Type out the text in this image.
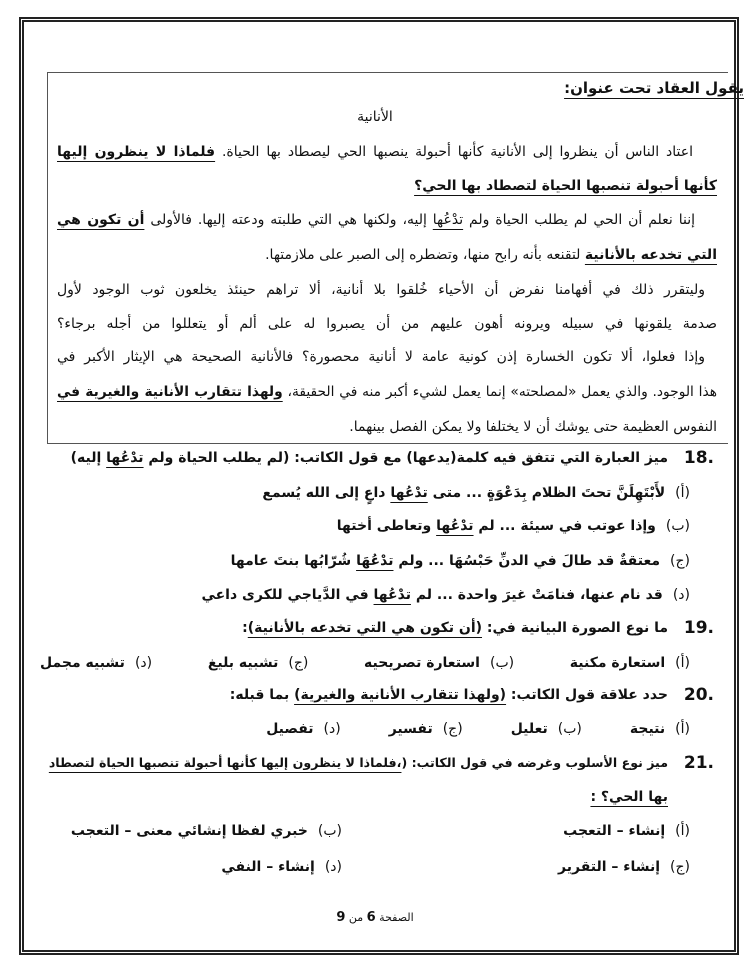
يقول العقاد تحت عنوان:
الأنانية
اعتاد الناس أن ينظروا إلى الأنانية كأنها أحبولة ينصبها الحي ليصطاد بها الحياة. فلماذا لا ينظرون إليها
كأنها أحبولة تنصبها الحياة لتصطاد بها الحي؟
إننا نعلم أن الحي لم يطلب الحياة ولم تدْعُها إليه، ولكنها هي التي طلبته ودعته إليها. فالأولى أن تكون هي
التي تخدعه بالأنانية لتقنعه بأنه رابح منها، وتضطره إلى الصبر على ملازمتها.
وليتقرر ذلك في أفهامنا نفرض أن الأحياء خُلقوا بلا أنانية، ألا تراهم حينئذ يخلعون ثوب الوجود لأول
صدمة يلقونها في سبيله ويرونه أهون عليهم من أن يصبروا له على ألم أو يتعللوا من أجله برجاء؟
وإذا فعلوا، ألا تكون الخسارة إذن كونية عامة لا أنانية محصورة؟ فالأنانية الصحيحة هي الإيثار الأكبر في
هذا الوجود. والذي يعمل «لمصلحته» إنما يعمل لشيء أكبر منه في الحقيقة، ولهذا تتقارب الأنانية والغيرية في
النفوس العظيمة حتى يوشك أن لا يختلفا ولا يمكن الفصل بينهما.
18.
ميز العبارة التي تتفق فيه كلمة(يدعها) مع قول الكاتب: (لم يطلب الحياة ولم تدْعُها إليه)
(أ)لأَبْتَهِلَنَّ تحتَ الظلام بِدَعْوَةٍ ... متى تدْعُها داعٍ إلى الله يُسمع
(ب)وإذا عوتب في سيئة ... لم تدْعُها وتعاطى أختها
(ج)معتقةٌ قد طالَ في الدنِّ حَبْسُهَا ... ولم تدْعُهَا شُرّابُها بنتَ عامها
(د)قد نام عنها، فنامَتْ غيرَ واحدة ... لم تدْعُها في الدَّياجي للكرى داعي
19.
ما نوع الصورة البيانية في: (أن تكون هي التي تخدعه بالأنانية):
(أ)استعارة مكنية
(ب)استعارة تصريحيه
(ج)تشبيه بليغ
(د)تشبيه مجمل
20.
حدد علاقة قول الكاتب: (ولهذا تتقارب الأنانية والغيرية) بما قبله:
(أ)نتيجة
(ب)تعليل
(ج)تفسير
(د)تفصيل
21.
ميز نوع الأسلوب وغرضه في قول الكاتب: (،فلماذا لا ينظرون إليها كأنها أحبولة تنصبها الحياة لتصطاد
بها الحي؟ :
(أ)إنشاء – التعجب
(ب)خبري لفظا إنشائي معنى – التعجب
(ج)إنشاء – التقرير
(د)إنشاء – النفي
الصفحة 6 من 9
